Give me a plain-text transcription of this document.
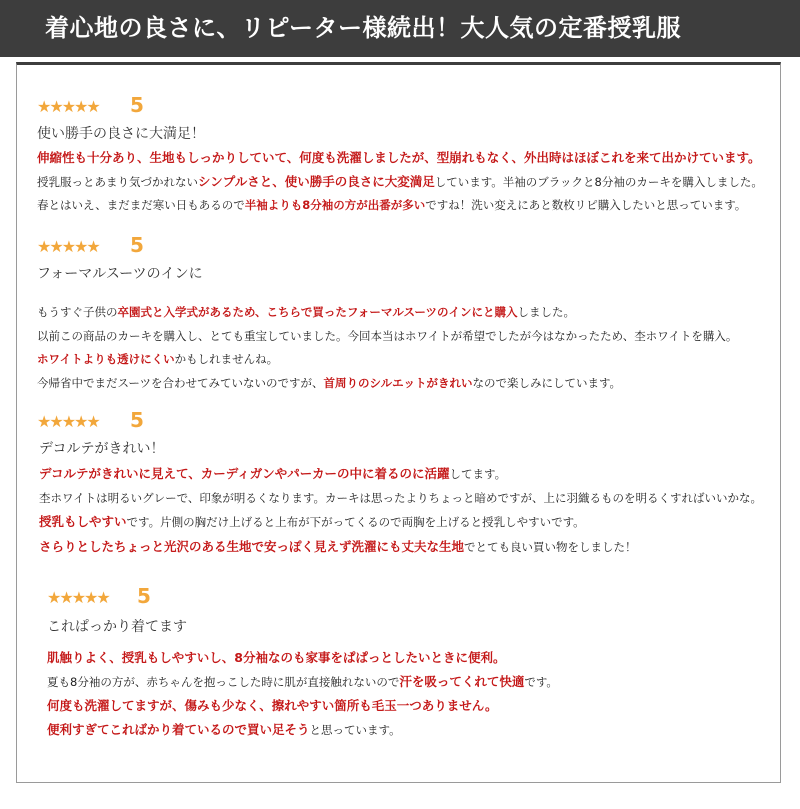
着心地の良さに、リピーター様続出！大人気の定番授乳服
★★★★★ 5
使い勝手の良さに大満足！
伸縮性も十分あり、生地もしっかりしていて、何度も洗濯しましたが、型崩れもなく、外出時はほぼこれを来て出かけています。
授乳服っとあまり気づかれないシンプルさと、使い勝手の良さに大変満足しています。半袖のブラックと8分袖のカーキを購入しました。
春とはいえ、まだまだ寒い日もあるので半袖よりも8分袖の方が出番が多いですね！洗い変えにあと数枚リピ購入したいと思っています。
★★★★★ 5
フォーマルスーツのインに
もうすぐ子供の卒園式と入学式があるため、こちらで買ったフォーマルスーツのインにと購入しました。
以前この商品のカーキを購入し、とても重宝していました。今回本当はホワイトが希望でしたが今はなかったため、杢ホワイトを購入。
ホワイトよりも透けにくいかもしれませんね。
今帰省中でまだスーツを合わせてみていないのですが、首周りのシルエットがきれいなので楽しみにしています。
★★★★★ 5
デコルテがきれい！
デコルテがきれいに見えて、カーディガンやパーカーの中に着るのに活躍してます。
杢ホワイトは明るいグレーで、印象が明るくなります。カーキは思ったよりちょっと暗めですが、上に羽織るものを明るくすればいいかな。
授乳もしやすいです。片側の胸だけ上げると上布が下がってくるので両胸を上げると授乳しやすいです。
さらりとしたちょっと光沢のある生地で安っぽく見えず洗濯にも丈夫な生地でとても良い買い物をしました！
★★★★★ 5
これぱっかり着てます
肌触りよく、授乳もしやすいし、8分袖なのも家事をぱぱっとしたいときに便利。
夏も8分袖の方が、赤ちゃんを抱っこした時に肌が直接触れないので汗を吸ってくれて快適です。
何度も洗濯してますが、傷みも少なく、擦れやすい箇所も毛玉一つありません。
便利すぎてこればかり着ているので買い足そうと思っています。
